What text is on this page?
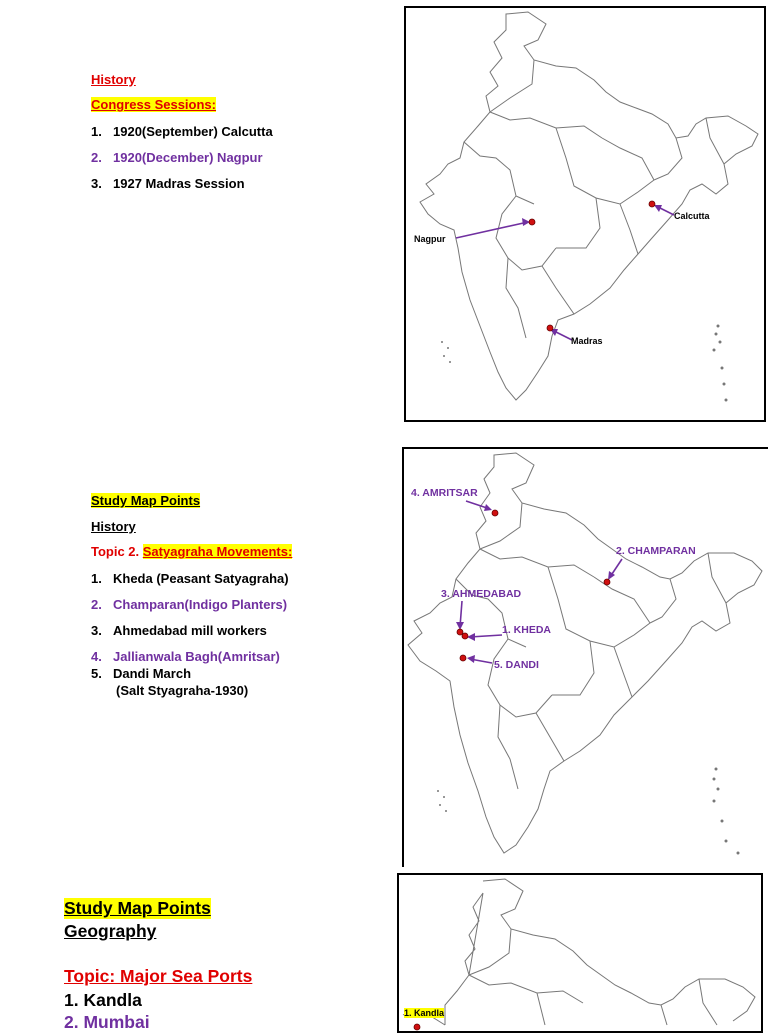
History
Congress Sessions:
1. 1920(September) Calcutta
2. 1920(December) Nagpur
3. 1927 Madras Session
Nagpur
Calcutta
Madras
Study Map Points
History
Topic 2. Satyagraha Movements:
1. Kheda (Peasant Satyagraha)
2. Champaran(Indigo Planters)
3. Ahmedabad mill workers
4. Jallianwala Bagh(Amritsar)
5. Dandi March
(Salt Styagraha-1930)
4. AMRITSAR
2. CHAMPARAN
3. AHMEDABAD
1. KHEDA
5. DANDI
Study Map Points
Geography
Topic: Major Sea Ports
1. Kandla
2. Mumbai	1. Kandla
